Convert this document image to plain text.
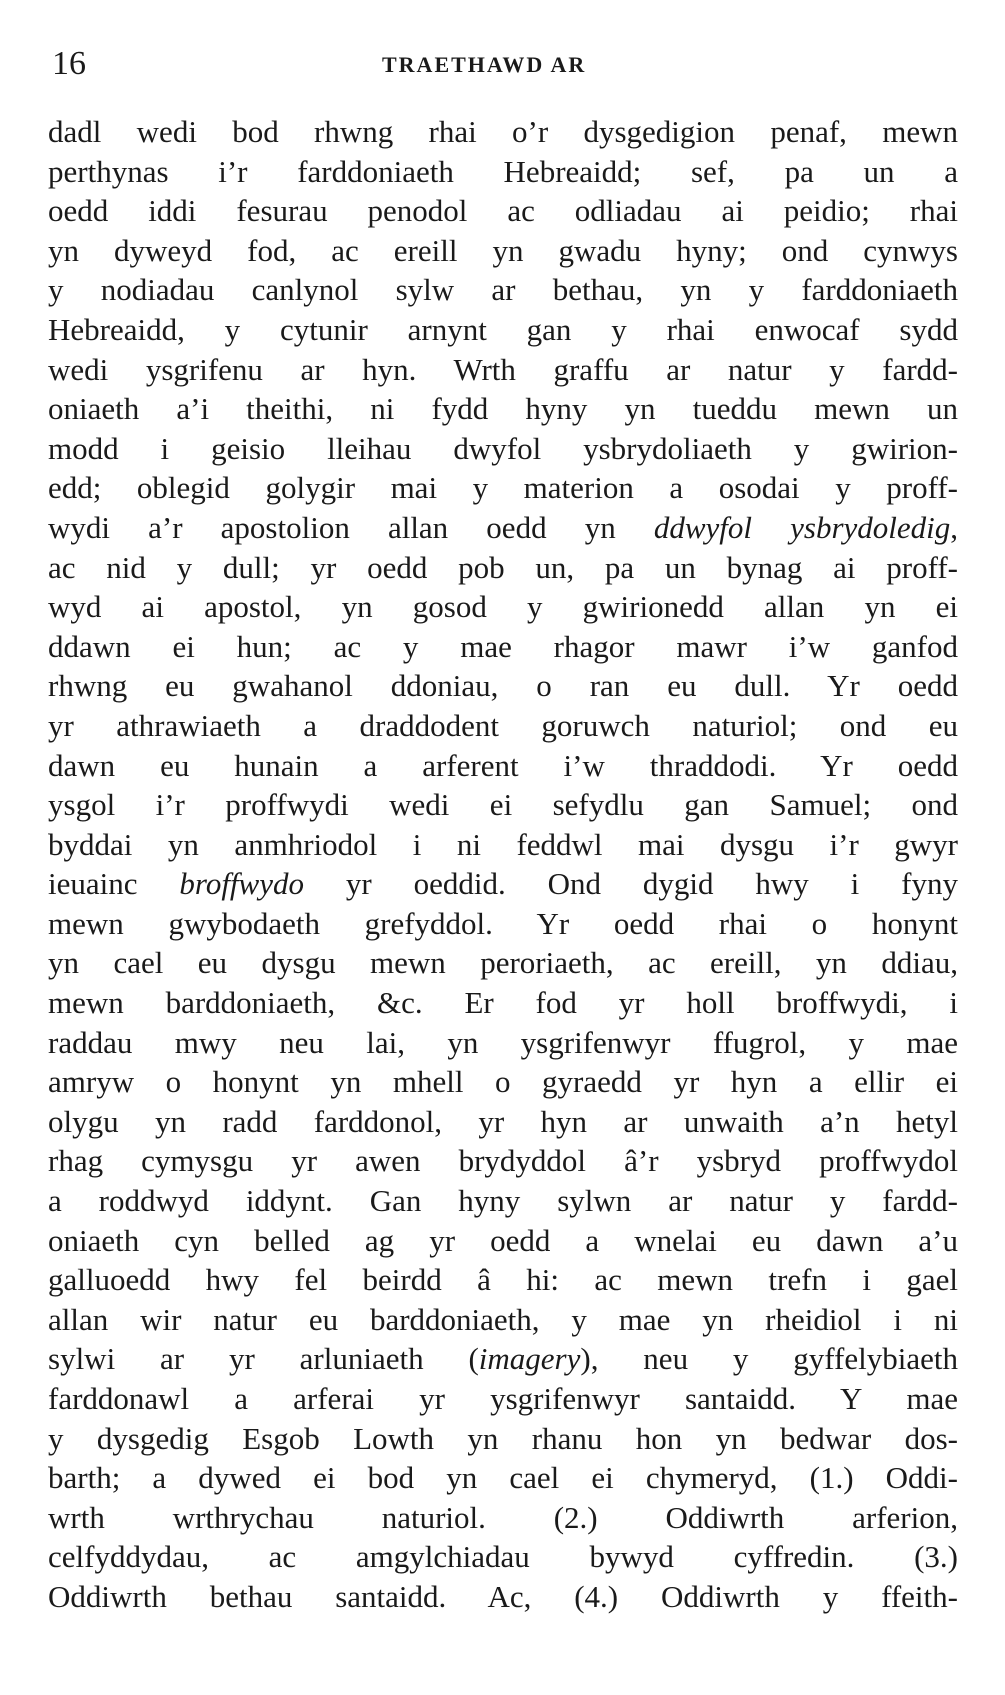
16	TRAETHAWD AR
dadl wedi bod rhwng rhai o’r dysgedigion penaf, mewn
perthynas i’r farddoniaeth Hebreaidd; sef, pa un a
oedd iddi fesurau penodol ac odliadau ai peidio; rhai
yn dyweyd fod, ac ereill yn gwadu hyny; ond cynwys
y nodiadau canlynol sylw ar bethau, yn y farddoniaeth
Hebreaidd, y cytunir arnynt gan y rhai enwocaf sydd
wedi ysgrifenu ar hyn. Wrth graffu ar natur y fardd-
oniaeth a’i theithi, ni fydd hyny yn tueddu mewn un
modd i geisio lleihau dwyfol ysbrydoliaeth y gwirion-
edd; oblegid golygir mai y materion a osodai y proff-
wydi a’r apostolion allan oedd yn ddwyfol ysbrydoledig,
ac nid y dull; yr oedd pob un, pa un bynag ai proff-
wyd ai apostol, yn gosod y gwirionedd allan yn ei
ddawn ei hun; ac y mae rhagor mawr i’w ganfod
rhwng eu gwahanol ddoniau, o ran eu dull. Yr oedd
yr athrawiaeth a draddodent goruwch naturiol; ond eu
dawn eu hunain a arferent i’w thraddodi. Yr oedd
ysgol i’r proffwydi wedi ei sefydlu gan Samuel; ond
byddai yn anmhriodol i ni feddwl mai dysgu i’r gwyr
ieuainc broffwydo yr oeddid. Ond dygid hwy i fyny
mewn gwybodaeth grefyddol. Yr oedd rhai o honynt
yn cael eu dysgu mewn peroriaeth, ac ereill, yn ddiau,
mewn barddoniaeth, &c. Er fod yr holl broffwydi, i
raddau mwy neu lai, yn ysgrifenwyr ffugrol, y mae
amryw o honynt yn mhell o gyraedd yr hyn a ellir ei
olygu yn radd farddonol, yr hyn ar unwaith a’n hetyl
rhag cymysgu yr awen brydyddol â’r ysbryd proffwydol
a roddwyd iddynt. Gan hyny sylwn ar natur y fardd-
oniaeth cyn belled ag yr oedd a wnelai eu dawn a’u
galluoedd hwy fel beirdd â hi: ac mewn trefn i gael
allan wir natur eu barddoniaeth, y mae yn rheidiol i ni
sylwi ar yr arluniaeth (imagery), neu y gyffelybiaeth
farddonawl a arferai yr ysgrifenwyr santaidd. Y mae
y dysgedig Esgob Lowth yn rhanu hon yn bedwar dos-
barth; a dywed ei bod yn cael ei chymeryd, (1.) Oddi-
wrth wrthrychau naturiol. (2.) Oddiwrth arferion,
celfyddydau, ac amgylchiadau bywyd cyffredin. (3.)
Oddiwrth bethau santaidd. Ac, (4.) Oddiwrth y ffeith-
